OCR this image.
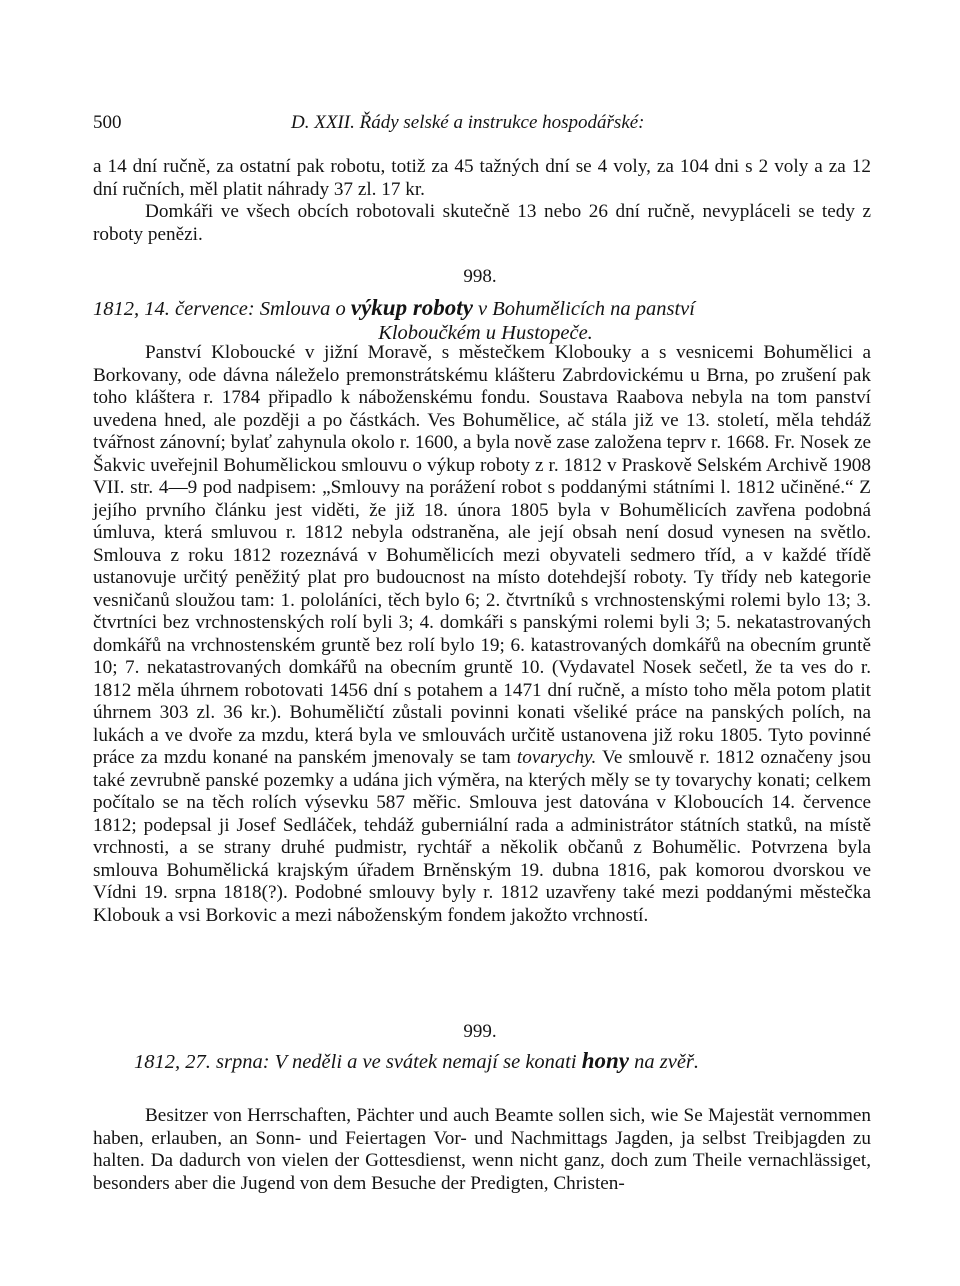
500	D. XXII. Řády selské a instrukce hospodářské:

a 14 dní ručně, za ostatní pak robotu, totiž za 45 tažných dní se 4 voly, za 104 dni s 2 voly a za 12 dní ručních, měl platit náhrady 37 zl. 17 kr.

Domkáři ve všech obcích robotovali skutečně 13 nebo 26 dní ručně, nevypláceli se tedy z roboty penězi.

998.
1812, 14. července: Smlouva o výkup roboty v Bohumělicích na panství
Kloboučkém u Hustopeče.

Panství Kloboucké v jižní Moravě, s městečkem Klobouky a s vesnicemi Bohumělici a Borkovany, ode dávna náleželo premonstrátskému klášteru Zabrdovickému u Brna, po zrušení pak toho kláštera r. 1784 připadlo k náboženskému fondu. Soustava Raabova nebyla na tom panství uvedena hned, ale později a po částkách. Ves Bohumělice, ač stála již ve 13. století, měla tehdáž tvářnost zánovní; bylať zahynula okolo r. 1600, a byla nově zase založena teprv r. 1668. Fr. Nosek ze Šakvic uveřejnil Bohumělickou smlouvu o výkup roboty z r. 1812 v Praskově Selském Archivě 1908 VII. str. 4—9 pod nadpisem: „Smlouvy na porážení robot s poddanými státními l. 1812 učiněné.“ Z jejího prvního článku jest viděti, že již 18. února 1805 byla v Bohumělicích zavřena podobná úmluva, která smluvou r. 1812 nebyla odstraněna, ale její obsah není dosud vynesen na světlo. Smlouva z roku 1812 rozeznává v Bohumělicích mezi obyvateli sedmero tříd, a v každé třídě ustanovuje určitý peněžitý plat pro budoucnost na místo dotehdejší roboty. Ty třídy neb kategorie vesničanů sloužou tam: 1. pololáníci, těch bylo 6; 2. čtvrtníků s vrchnostenskými rolemi bylo 13; 3. čtvrtníci bez vrchnostenských rolí byli 3; 4. domkáři s panskými rolemi byli 3; 5. nekatastrovaných domkářů na vrchnostenském gruntě bez rolí bylo 19; 6. katastrovaných domkářů na obecním gruntě 10; 7. nekatastrovaných domkářů na obecním gruntě 10. (Vydavatel Nosek sečetl, že ta ves do r. 1812 měla úhrnem robotovati 1456 dní s potahem a 1471 dní ručně, a místo toho měla potom platit úhrnem 303 zl. 36 kr.). Bohuměličtí zůstali povinni konati všeliké práce na panských polích, na lukách a ve dvoře za mzdu, která byla ve smlouvách určitě ustanovena již roku 1805. Tyto povinné práce za mzdu konané na panském jmenovaly se tam tovarychy. Ve smlouvě r. 1812 označeny jsou také zevrubně panské pozemky a udána jich výměra, na kterých měly se ty tovarychy konati; celkem počítalo se na těch rolích výsevku 587 měřic. Smlouva jest datována v Kloboucích 14. července 1812; podepsal ji Josef Sedláček, tehdáž guberniální rada a administrátor státních statků, na místě vrchnosti, a se strany druhé pudmistr, rychtář a několik občanů z Bohumělic. Potvrzena byla smlouva Bohumělická krajským úřadem Brněnským 19. dubna 1816, pak komorou dvorskou ve Vídni 19. srpna 1818(?). Podobné smlouvy byly r. 1812 uzavřeny také mezi poddanými městečka Klobouk a vsi Borkovic a mezi náboženským fondem jakožto vrchností.

999.
1812, 27. srpna: V neděli a ve svátek nemají se konati hony na zvěř.

Besitzer von Herrschaften, Pächter und auch Beamte sollen sich, wie Se Majestät vernommen haben, erlauben, an Sonn- und Feiertagen Vor- und Nachmittags Jagden, ja selbst Treibjagden zu halten. Da dadurch von vielen der Gottesdienst, wenn nicht ganz, doch zum Theile vernachlässiget, besonders aber die Jugend von dem Besuche der Predigten, Christen-
